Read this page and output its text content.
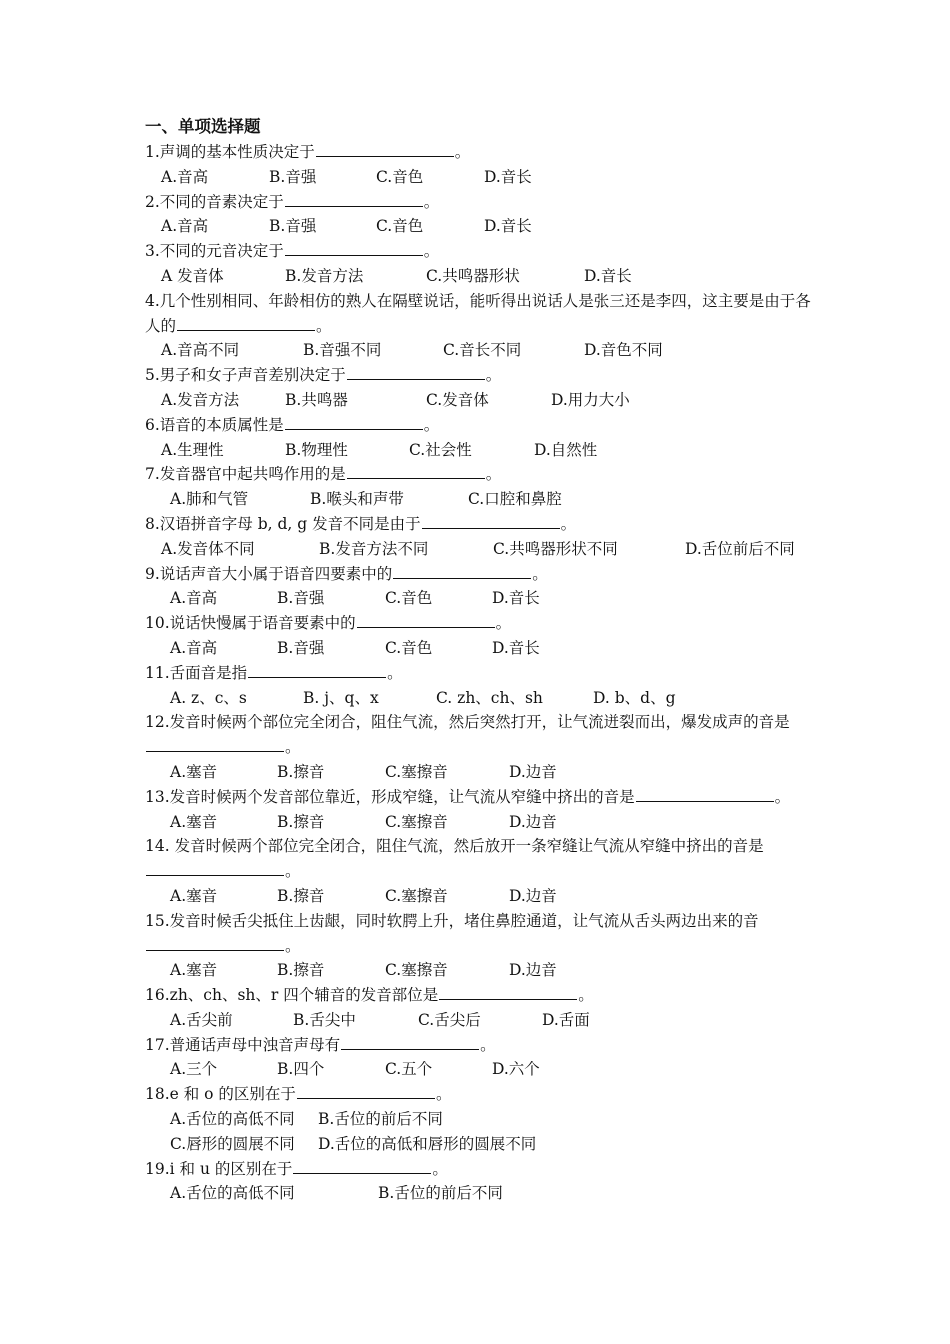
一、单项选择题
1.声调的基本性质决定于	。
A.音高	B.音强	C.音色	D.音长
2.不同的音素决定于	。
A.音高	B.音强	C.音色	D.音长
3.不同的元音决定于	。
A 发音体	B.发音方法	C.共鸣器形状	D.音长
4.几个性别相同、年龄相仿的熟人在隔壁说话，能听得出说话人是张三还是李四，这主要是由于各人的	。
A.音高不同	B.音强不同	C.音长不同	D.音色不同
5.男子和女子声音差别决定于	。
A.发音方法	B.共鸣器	C.发音体	D.用力大小
6.语音的本质属性是	。
A.生理性	B.物理性	C.社会性	D.自然性
7.发音器官中起共鸣作用的是	。
A.肺和气管	B.喉头和声带	C.口腔和鼻腔
8.汉语拼音字母 b, d, g 发音不同是由于	。
A.发音体不同	B.发音方法不同	C.共鸣器形状不同	D.舌位前后不同
9.说话声音大小属于语音四要素中的	。
A.音高	B.音强	C.音色	D.音长
10.说话快慢属于语音要素中的	。
A.音高	B.音强	C.音色	D.音长
11.舌面音是指	。
A. z、c、s	B. j、q、x	C. zh、ch、sh	D. b、d、g
12.发音时候两个部位完全闭合，阻住气流，然后突然打开，让气流迸裂而出，爆发成声的音是。
A.塞音	B.擦音	C.塞擦音	D.边音
13.发音时候两个发音部位靠近，形成窄缝，让气流从窄缝中挤出的音是	。
A.塞音	B.擦音	C.塞擦音	D.边音
14. 发音时候两个部位完全闭合，阻住气流，然后放开一条窄缝让气流从窄缝中挤出的音是。
A.塞音	B.擦音	C.塞擦音	D.边音
15.发音时候舌尖抵住上齿龈，同时软腭上升，堵住鼻腔通道，让气流从舌头两边出来的音。
A.塞音	B.擦音	C.塞擦音	D.边音
16.zh、ch、sh、r 四个辅音的发音部位是	。
A.舌尖前	B.舌尖中	C.舌尖后	D.舌面
17.普通话声母中浊音声母有	。
A.三个	B.四个	C.五个	D.六个
18.e 和 o 的区别在于	。
A.舌位的高低不同 B.舌位的前后不同
C.唇形的圆展不同 D.舌位的高低和唇形的圆展不同
19.i 和 u 的区别在于	。
A.舌位的高低不同	B.舌位的前后不同
